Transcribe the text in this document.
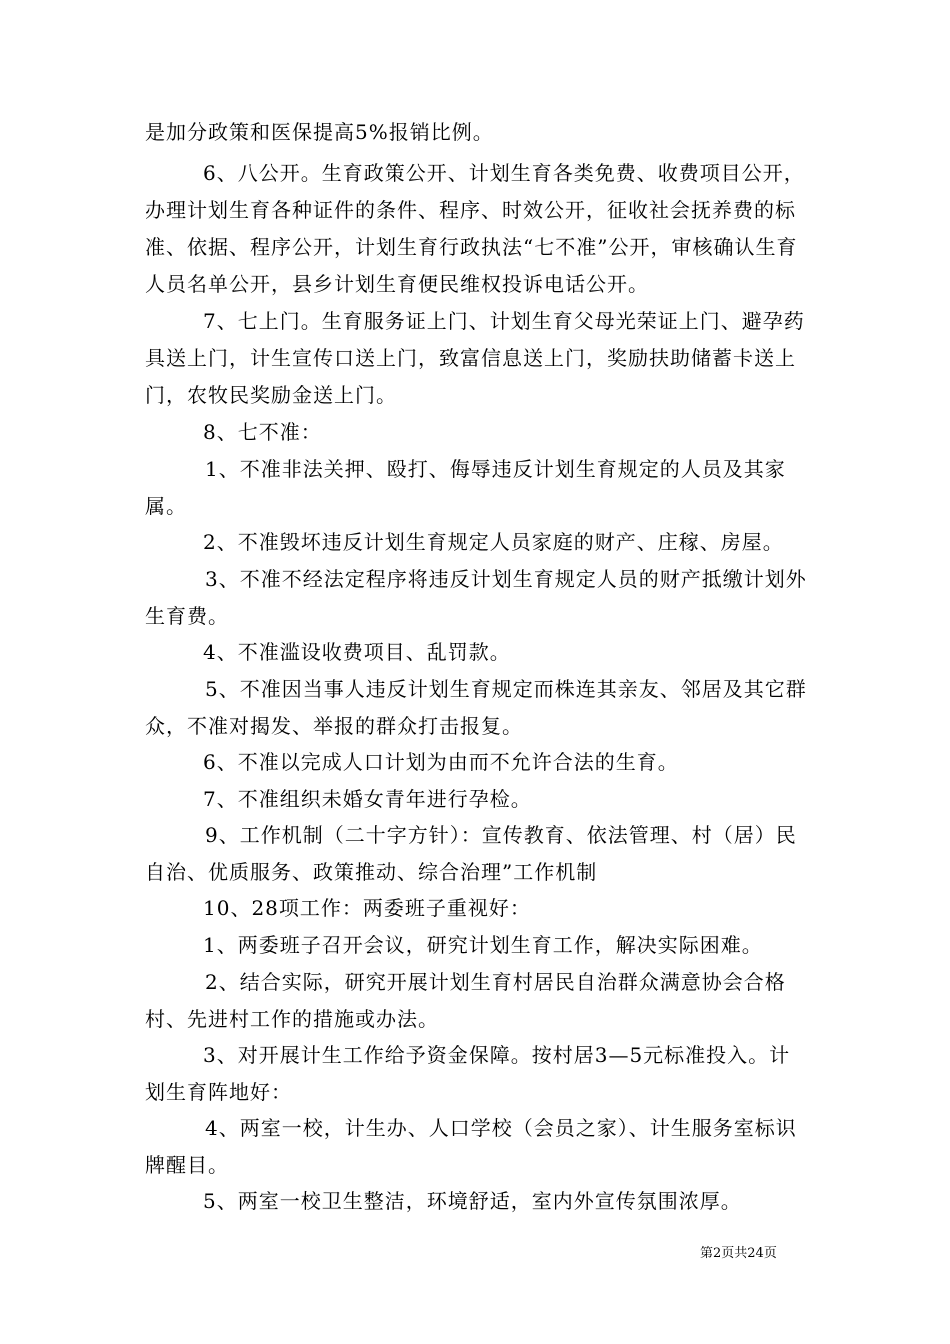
是加分政策和医保提高5%报销比例。

6、八公开。生育政策公开、计划生育各类免费、收费项目公开，办理计划生育各种证件的条件、程序、时效公开，征收社会抚养费的标准、依据、程序公开，计划生育行政执法“七不准”公开，审核确认生育人员名单公开，县乡计划生育便民维权投诉电话公开。

7、七上门。生育服务证上门、计划生育父母光荣证上门、避孕药具送上门，计生宣传口送上门，致富信息送上门，奖励扶助储蓄卡送上门，农牧民奖励金送上门。

8、七不准：

1、不准非法关押、殴打、侮辱违反计划生育规定的人员及其家属。

2、不准毁坏违反计划生育规定人员家庭的财产、庄稼、房屋。

3、不准不经法定程序将违反计划生育规定人员的财产抵缴计划外生育费。

4、不准滥设收费项目、乱罚款。

5、不准因当事人违反计划生育规定而株连其亲友、邻居及其它群众，不准对揭发、举报的群众打击报复。

6、不准以完成人口计划为由而不允许合法的生育。

7、不准组织未婚女青年进行孕检。

9、工作机制（二十字方针）：宣传教育、依法管理、村（居）民自治、优质服务、政策推动、综合治理”工作机制

10、28项工作：两委班子重视好：

1、两委班子召开会议，研究计划生育工作，解决实际困难。

2、结合实际，研究开展计划生育村居民自治群众满意协会合格村、先进村工作的措施或办法。

3、对开展计生工作给予资金保障。按村居3—5元标准投入。计划生育阵地好：

4、两室一校，计生办、人口学校（会员之家）、计生服务室标识牌醒目。

5、两室一校卫生整洁，环境舒适，室内外宣传氛围浓厚。

第2页共24页
